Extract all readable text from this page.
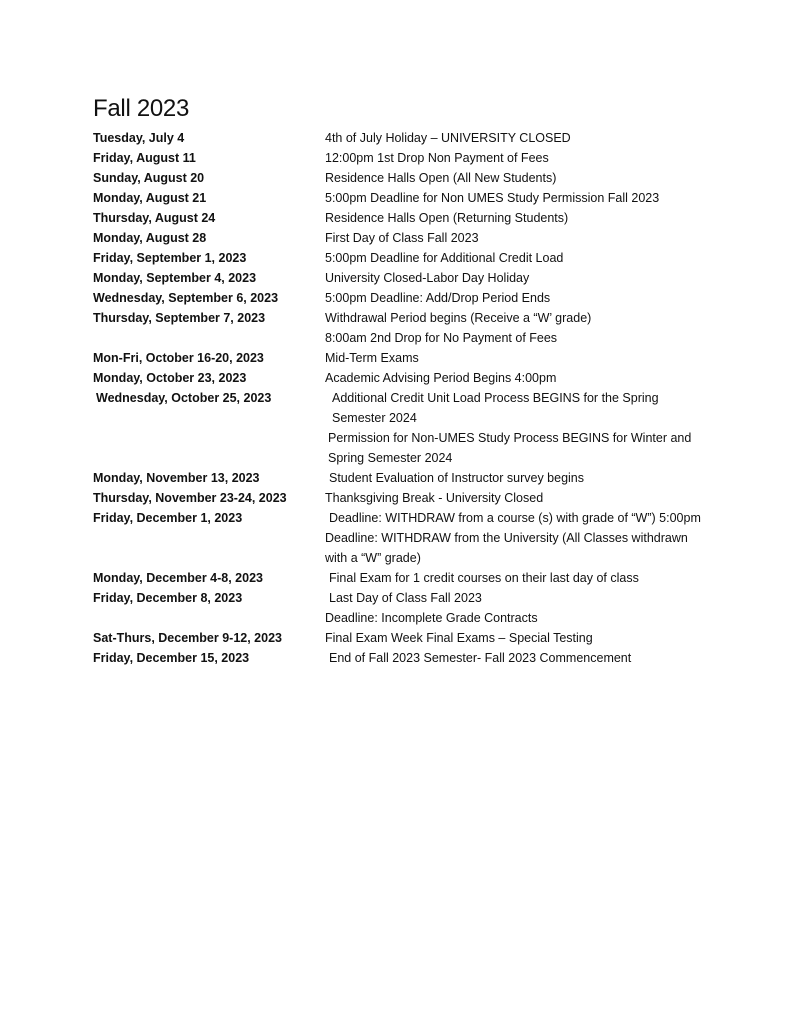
Fall 2023
Tuesday, July 4	4th of July Holiday – UNIVERSITY CLOSED
Friday, August 11	12:00pm 1st Drop Non Payment of Fees
Sunday, August 20	Residence Halls Open (All New Students)
Monday, August 21	5:00pm Deadline for Non UMES Study Permission Fall 2023
Thursday, August 24	Residence Halls Open (Returning Students)
Monday, August 28	First Day of Class Fall 2023
Friday, September 1, 2023	5:00pm Deadline for Additional Credit Load
Monday, September 4, 2023	University Closed-Labor Day Holiday
Wednesday, September 6, 2023	5:00pm Deadline: Add/Drop Period Ends
Thursday, September 7, 2023	Withdrawal Period begins (Receive a “W’ grade)
8:00am 2nd Drop for No Payment of Fees
Mon-Fri, October 16-20, 2023	Mid-Term Exams
Monday, October 23, 2023	Academic Advising Period Begins 4:00pm
Wednesday, October 25, 2023	Additional Credit Unit Load Process BEGINS for the Spring Semester 2024
Permission for Non-UMES Study Process BEGINS for Winter and Spring Semester 2024
Monday, November 13, 2023	Student Evaluation of Instructor survey begins
Thursday, November 23-24, 2023	Thanksgiving Break - University Closed
Friday, December 1, 2023	Deadline: WITHDRAW from a course (s) with grade of “W”) 5:00pm
Deadline: WITHDRAW from the University (All Classes withdrawn with a “W” grade)
Monday, December 4-8, 2023	Final Exam for 1 credit courses on their last day of class
Friday, December 8, 2023	Last Day of Class Fall 2023
Deadline: Incomplete Grade Contracts
Sat-Thurs, December 9-12, 2023	Final Exam Week Final Exams – Special Testing
Friday, December 15, 2023	End of Fall 2023 Semester- Fall 2023 Commencement
